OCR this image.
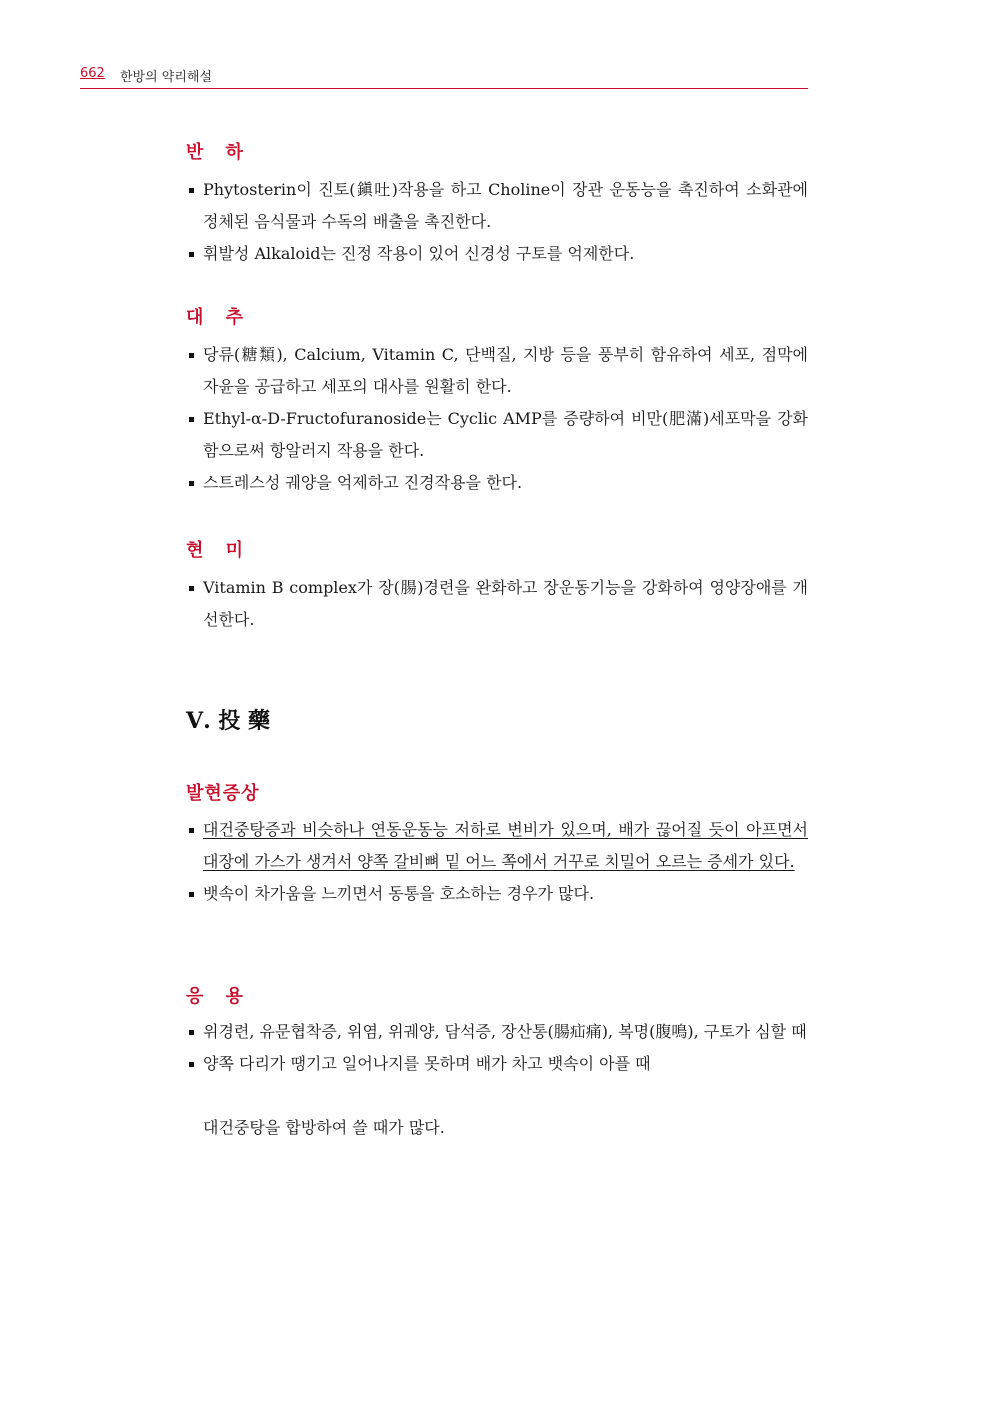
662 한방의 약리해설
반 하
Phytosterin이 진토(鎭吐)작용을 하고 Choline이 장관 운동능을 촉진하여 소화관에 정체된 음식물과 수독의 배출을 촉진한다.
휘발성 Alkaloid는 진정 작용이 있어 신경성 구토를 억제한다.
대 추
당류(糖類), Calcium, Vitamin C, 단백질, 지방 등을 풍부히 함유하여 세포, 점막에 자윤을 공급하고 세포의 대사를 원활히 한다.
Ethyl-α-D-Fructofuranoside는 Cyclic AMP를 증량하여 비만(肥滿)세포막을 강화함으로써 항알러지 작용을 한다.
스트레스성 궤양을 억제하고 진경작용을 한다.
현 미
Vitamin B complex가 장(腸)경련을 완화하고 장운동기능을 강화하여 영양장애를 개선한다.
Ⅴ. 投 藥
발현증상
대건중탕증과 비슷하나 연동운동능 저하로 변비가 있으며, 배가 끊어질 듯이 아프면서 대장에 가스가 생겨서 양쪽 갈비뼈 밑 어느 쪽에서 거꾸로 치밀어 오르는 증세가 있다.
뱃속이 차가움을 느끼면서 동통을 호소하는 경우가 많다.
응 용
위경련, 유문협착증, 위염, 위궤양, 담석증, 장산통(腸疝痛), 복명(腹鳴), 구토가 심할 때
양쪽 다리가 땡기고 일어나지를 못하며 배가 차고 뱃속이 아플 때
대건중탕을 합방하여 쓸 때가 많다.
